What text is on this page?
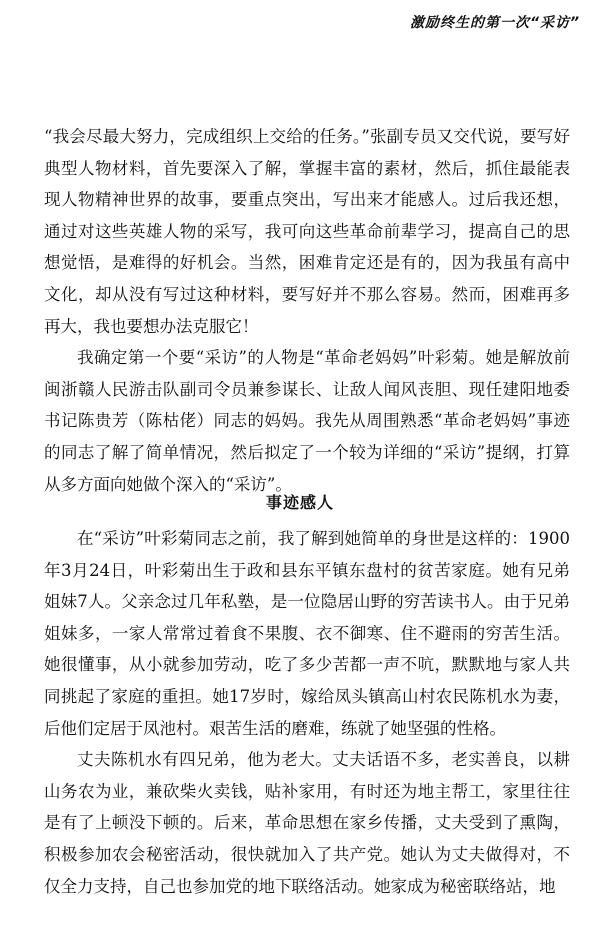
激励终生的第一次“采访”

“我会尽最大努力，完成组织上交给的任务。”张副专员又交代说，要写好典型人物材料，首先要深入了解，掌握丰富的素材，然后，抓住最能表现人物精神世界的故事，要重点突出，写出来才能感人。过后我还想，通过对这些英雄人物的采写，我可向这些革命前辈学习，提高自己的思想觉悟，是难得的好机会。当然，困难肯定还是有的，因为我虽有高中文化，却从没有写过这种材料，要写好并不那么容易。然而，困难再多再大，我也要想办法克服它！

我确定第一个要“采访”的人物是“革命老妈妈”叶彩菊。她是解放前闽浙赣人民游击队副司令员兼参谋长、让敌人闻风丧胆、现任建阳地委书记陈贵芳（陈枯佬）同志的妈妈。我先从周围熟悉“革命老妈妈”事迹的同志了解了简单情况，然后拟定了一个较为详细的“采访”提纲，打算从多方面向她做个深入的“采访”。

事迹感人

在“采访”叶彩菊同志之前，我了解到她简单的身世是这样的：1900年3月24日，叶彩菊出生于政和县东平镇东盘村的贫苦家庭。她有兄弟姐妹7人。父亲念过几年私塾，是一位隐居山野的穷苦读书人。由于兄弟姐妹多，一家人常常过着食不果腹、衣不御寒、住不避雨的穷苦生活。她很懂事，从小就参加劳动，吃了多少苦都一声不吭，默默地与家人共同挑起了家庭的重担。她17岁时，嫁给凤头镇高山村农民陈机水为妻，后他们定居于凤池村。艰苦生活的磨难，练就了她坚强的性格。

丈夫陈机水有四兄弟，他为老大。丈夫话语不多，老实善良，以耕山务农为业，兼砍柴火卖钱，贴补家用，有时还为地主帮工，家里往往是有了上顿没下顿的。后来，革命思想在家乡传播，丈夫受到了熏陶，积极参加农会秘密活动，很快就加入了共产党。她认为丈夫做得对，不仅全力支持，自己也参加党的地下联络活动。她家成为秘密联络站，地
